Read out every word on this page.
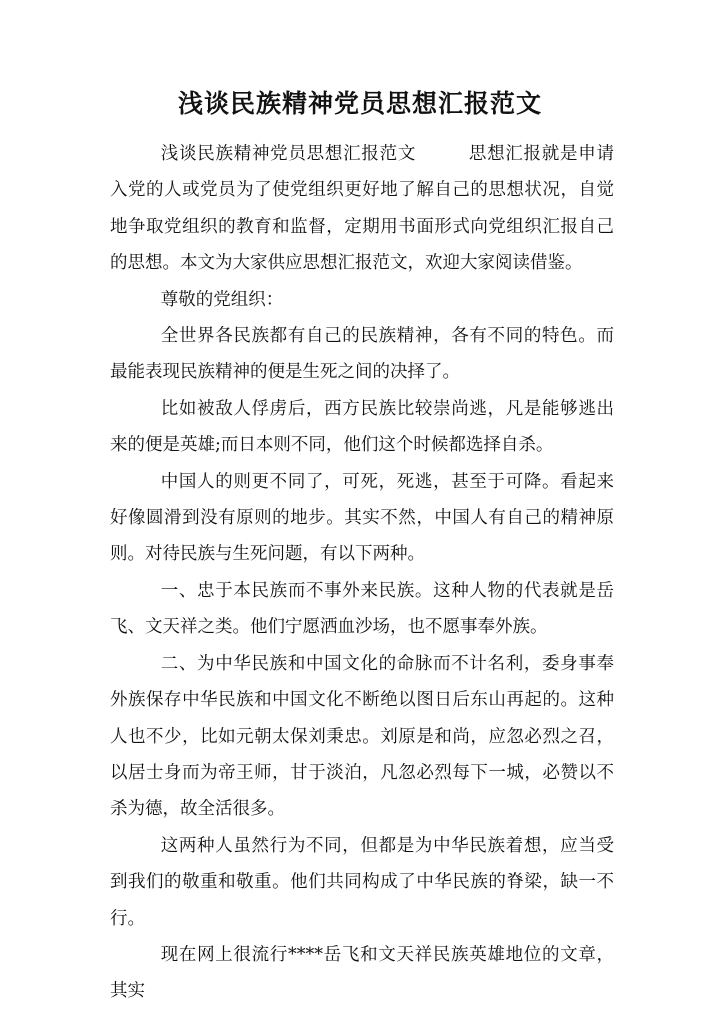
浅谈民族精神党员思想汇报范文

浅谈民族精神党员思想汇报范文	思想汇报就是申请入党的人或党员为了使党组织更好地了解自己的思想状况，自觉地争取党组织的教育和监督，定期用书面形式向党组织汇报自己的思想。本文为大家供应思想汇报范文，欢迎大家阅读借鉴。

尊敬的党组织：

全世界各民族都有自己的民族精神，各有不同的特色。而最能表现民族精神的便是生死之间的决择了。

比如被敌人俘虏后，西方民族比较崇尚逃，凡是能够逃出来的便是英雄;而日本则不同，他们这个时候都选择自杀。

中国人的则更不同了，可死，死逃，甚至于可降。看起来好像圆滑到没有原则的地步。其实不然，中国人有自己的精神原则。对待民族与生死问题，有以下两种。

一、忠于本民族而不事外来民族。这种人物的代表就是岳飞、文天祥之类。他们宁愿洒血沙场，也不愿事奉外族。

二、为中华民族和中国文化的命脉而不计名利，委身事奉外族保存中华民族和中国文化不断绝以图日后东山再起的。这种人也不少，比如元朝太保刘秉忠。刘原是和尚，应忽必烈之召，以居士身而为帝王师，甘于淡泊，凡忽必烈每下一城，必赞以不杀为德，故全活很多。

这两种人虽然行为不同，但都是为中华民族着想，应当受到我们的敬重和敬重。他们共同构成了中华民族的脊梁，缺一不行。

现在网上很流行****岳飞和文天祥民族英雄地位的文章，其实
